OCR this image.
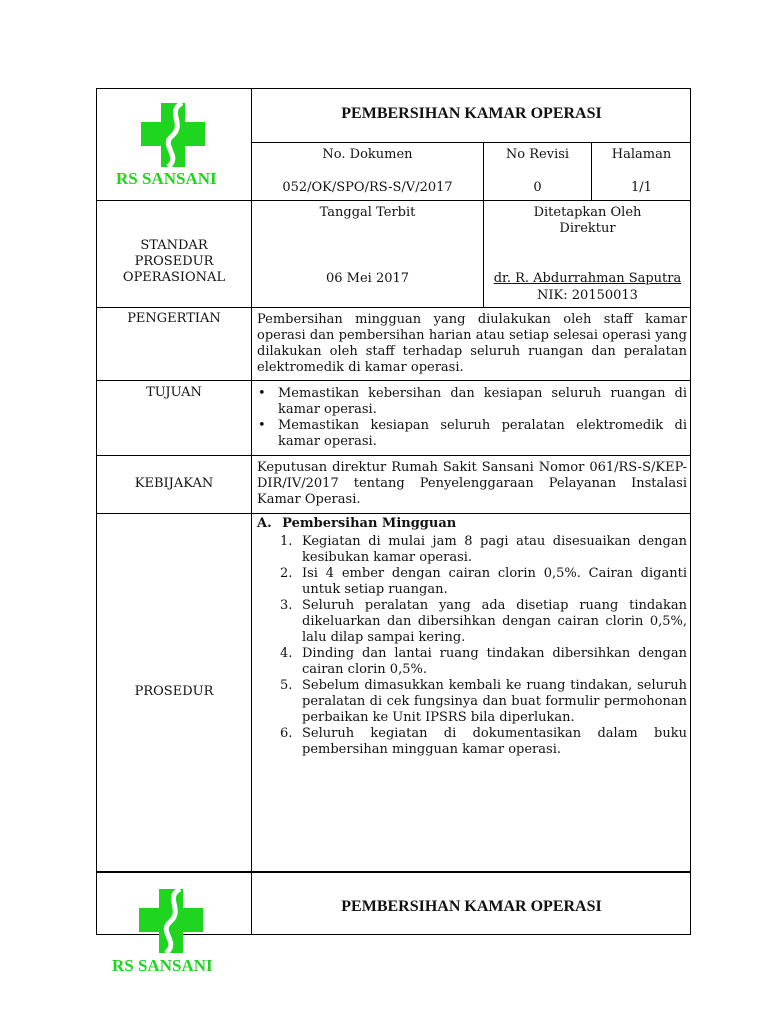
RS SANSANI
PEMBERSIHAN KAMAR OPERASI
No. Dokumen
052/OK/SPO/RS-S/V/2017
No Revisi
0
Halaman
1/1
STANDAR
PROSEDUR
OPERASIONAL
Tanggal Terbit
06 Mei 2017
Ditetapkan Oleh
Direktur
dr. R. Abdurrahman Saputra
NIK: 20150013
PENGERTIAN	Pembersihan mingguan yang diulakukan oleh staff kamar operasi dan pembersihan harian atau setiap selesai operasi yang dilakukan oleh staff terhadap seluruh ruangan dan peralatan elektromedik di kamar operasi.
TUJUAN
•	Memastikan kebersihan dan kesiapan seluruh ruangan di kamar operasi.
• Memastikan kesiapan seluruh peralatan elektromedik di kamar operasi.
KEBIJAKAN
Keputusan direktur Rumah Sakit Sansani Nomor 061/RS-S/KEP-DIR/IV/2017 tentang Penyelenggaraan Pelayanan Instalasi Kamar Operasi.
PROSEDUR
A. Pembersihan Mingguan
1. Kegiatan di mulai jam 8 pagi atau disesuaikan dengan kesibukan kamar operasi.
2. Isi 4 ember dengan cairan clorin 0,5%. Cairan diganti untuk setiap ruangan.
3. Seluruh peralatan yang ada disetiap ruang tindakan dikeluarkan dan dibersihkan dengan cairan clorin 0,5%, lalu dilap sampai kering.
4. Dinding dan lantai ruang tindakan dibersihkan dengan cairan clorin 0,5%.
5. Sebelum dimasukkan kembali ke ruang tindakan, seluruh peralatan di cek fungsinya dan buat formulir permohonan perbaikan ke Unit IPSRS bila diperlukan.
6. Seluruh kegiatan di dokumentasikan dalam buku pembersihan mingguan kamar operasi.
RS SANSANI
PEMBERSIHAN KAMAR OPERASI
